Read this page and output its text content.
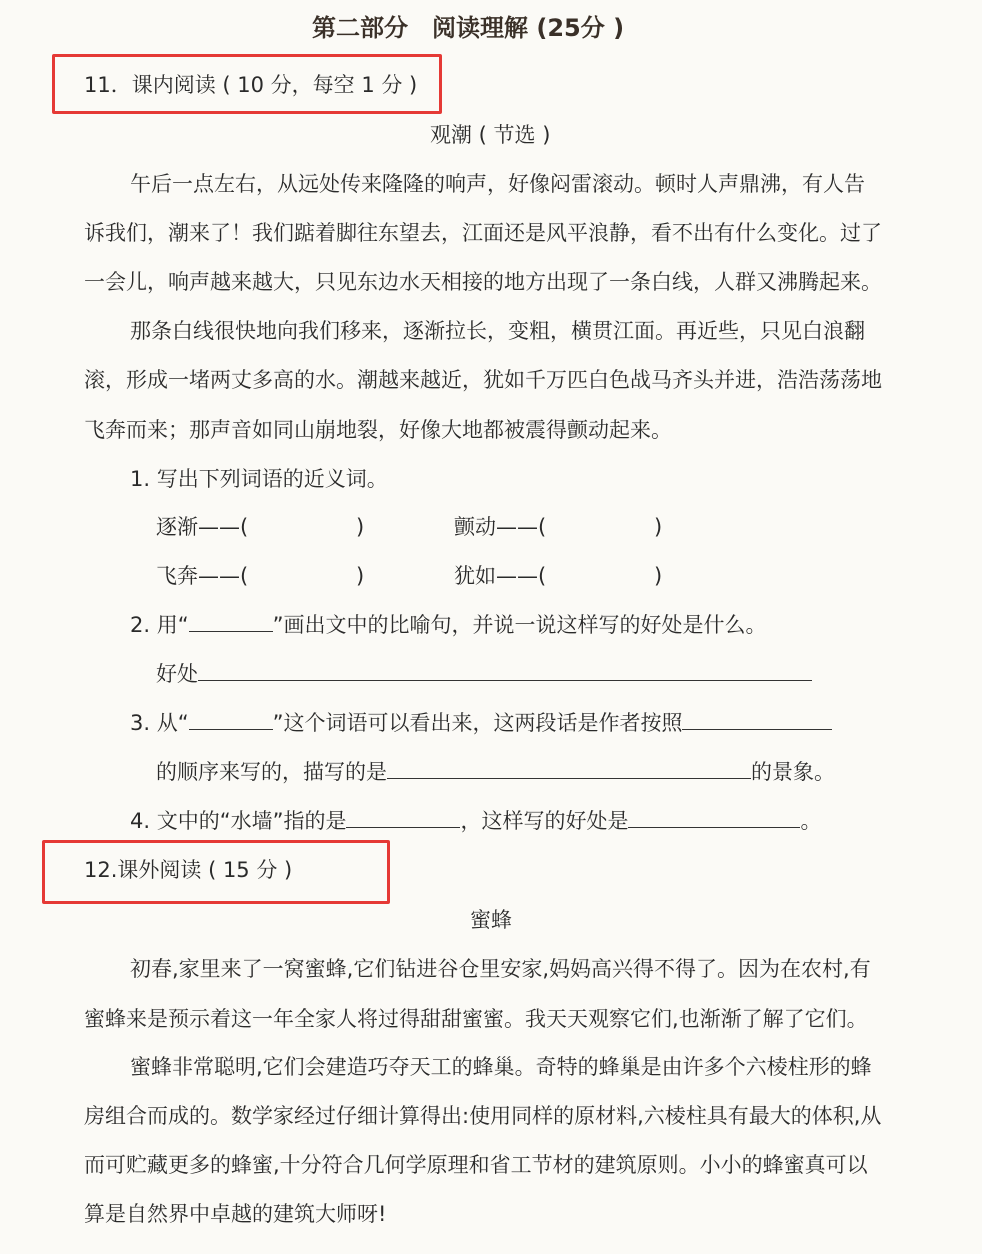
第二部分　阅读理解 (25分 )
11．课内阅读 ( 10 分，每空 1 分 )
观潮 ( 节选 )
午后一点左右，从远处传来隆隆的响声，好像闷雷滚动。顿时人声鼎沸，有人告
诉我们，潮来了！我们踮着脚往东望去，江面还是风平浪静，看不出有什么变化。过了
一会儿，响声越来越大，只见东边水天相接的地方出现了一条白线，人群又沸腾起来。
那条白线很快地向我们移来，逐渐拉长，变粗，横贯江面。再近些，只见白浪翻
滚，形成一堵两丈多高的水。潮越来越近，犹如千万匹白色战马齐头并进，浩浩荡荡地
飞奔而来；那声音如同山崩地裂，好像大地都被震得颤动起来。
1. 写出下列词语的近义词。
逐渐——(	)	颤动——(	)
飞奔——(	)	犹如——(	)
2. 用“	”画出文中的比喻句，并说一说这样写的好处是什么。
好处
3. 从“	”这个词语可以看出来，这两段话是作者按照
的顺序来写的，描写的是	的景象。
4. 文中的“水墙”指的是	，这样写的好处是	。
12.课外阅读 ( 15 分 )
蜜蜂
初春,家里来了一窝蜜蜂,它们钻进谷仓里安家,妈妈高兴得不得了。因为在农村,有
蜜蜂来是预示着这一年全家人将过得甜甜蜜蜜。我天天观察它们,也渐渐了解了它们。
蜜蜂非常聪明,它们会建造巧夺天工的蜂巢。奇特的蜂巢是由许多个六棱柱形的蜂
房组合而成的。数学家经过仔细计算得出:使用同样的原材料,六棱柱具有最大的体积,从
而可贮藏更多的蜂蜜,十分符合几何学原理和省工节材的建筑原则。小小的蜂蜜真可以
算是自然界中卓越的建筑大师呀!
